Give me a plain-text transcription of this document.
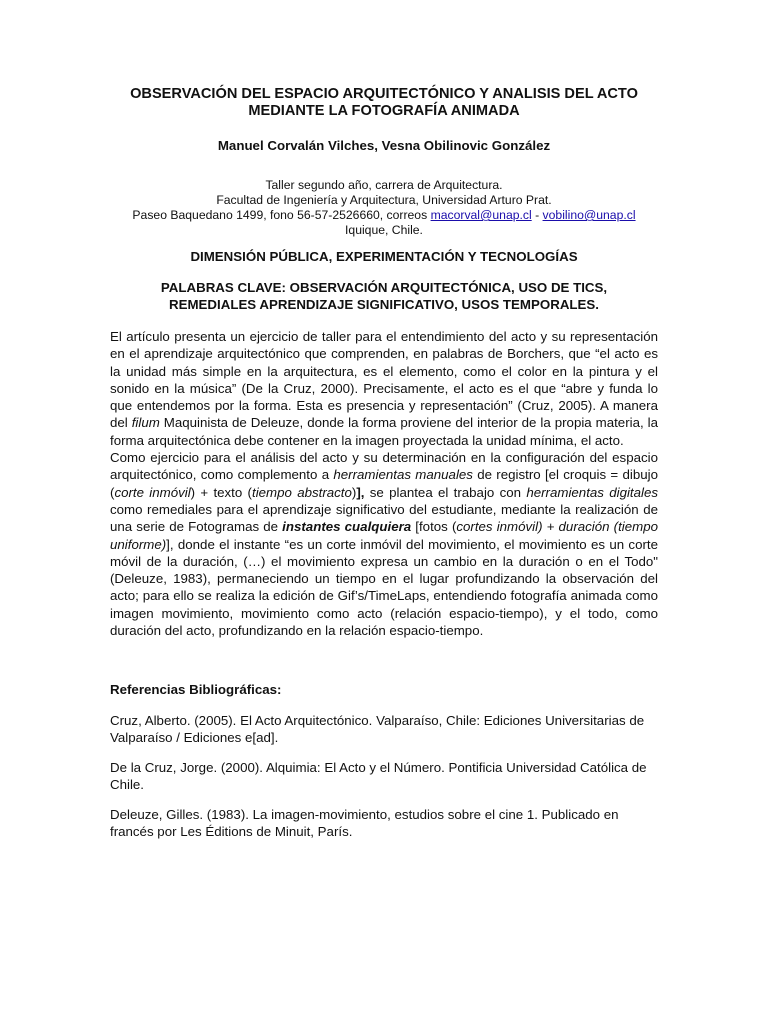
OBSERVACIÓN DEL ESPACIO ARQUITECTÓNICO Y ANALISIS DEL ACTO MEDIANTE LA FOTOGRAFÍA ANIMADA
Manuel Corvalán Vilches, Vesna Obilinovic González
Taller segundo año, carrera de Arquitectura.
Facultad de Ingeniería y Arquitectura, Universidad Arturo Prat.
Paseo Baquedano 1499, fono 56-57-2526660, correos macorval@unap.cl - vobilino@unap.cl
Iquique, Chile.
DIMENSIÓN PÚBLICA, EXPERIMENTACIÓN Y TECNOLOGÍAS
PALABRAS CLAVE: OBSERVACIÓN ARQUITECTÓNICA, USO DE TICS, REMEDIALES APRENDIZAJE SIGNIFICATIVO, USOS TEMPORALES.

El artículo presenta un ejercicio de taller para el entendimiento del acto y su representación en el aprendizaje arquitectónico que comprenden, en palabras de Borchers, que “el acto es la unidad más simple en la arquitectura, es el elemento, como el color en la pintura y el sonido en la música” (De la Cruz, 2000). Precisamente, el acto es el que “abre y funda lo que entendemos por la forma. Esta es presencia y representación” (Cruz, 2005). A manera del filum Maquinista de Deleuze, donde la forma proviene del interior de la propia materia, la forma arquitectónica debe contener en la imagen proyectada la unidad mínima, el acto.

Como ejercicio para el análisis del acto y su determinación en la configuración del espacio arquitectónico, como complemento a herramientas manuales de registro [el croquis = dibujo (corte inmóvil) + texto (tiempo abstracto)], se plantea el trabajo con herramientas digitales como remediales para el aprendizaje significativo del estudiante, mediante la realización de una serie de Fotogramas de instantes cualquiera [fotos (cortes inmóvil) + duración (tiempo uniforme)], donde el instante “es un corte inmóvil del movimiento, el movimiento es un corte móvil de la duración, (…) el movimiento expresa un cambio en la duración o en el Todo" (Deleuze, 1983), permaneciendo un tiempo en el lugar profundizando la observación del acto; para ello se realiza la edición de Gif’s/TimeLaps, entendiendo fotografía animada como imagen movimiento, movimiento como acto (relación espacio-tiempo), y el todo, como duración del acto, profundizando en la relación espacio-tiempo.

Referencias Bibliográficas:

Cruz, Alberto. (2005). El Acto Arquitectónico. Valparaíso, Chile: Ediciones Universitarias de Valparaíso / Ediciones e[ad].

De la Cruz, Jorge. (2000). Alquimia: El Acto y el Número. Pontificia Universidad Católica de Chile.

Deleuze, Gilles. (1983). La imagen-movimiento, estudios sobre el cine 1. Publicado en francés por Les Éditions de Minuit, París.
